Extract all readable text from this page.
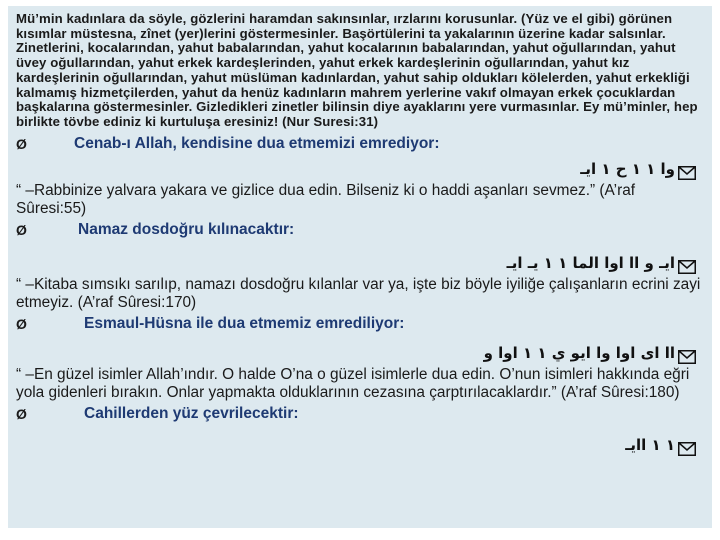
Mü’min kadınlara da söyle, gözlerini haramdan sakınsınlar, ırzlarını korusunlar. (Yüz ve el gibi) görünen kısımlar müstesna, zînet (yer)lerini göstermesinler. Başörtülerini ta yakalarının üzerine kadar salsınlar. Zinetlerini, kocalarından, yahut babalarından, yahut kocalarının babalarından, yahut oğullarından, yahut üvey oğullarından, yahut erkek kardeşlerinden, yahut erkek kardeşlerinin oğullarından, yahut kız kardeşlerinin oğullarından, yahut müslüman kadınlardan, yahut sahip oldukları kölelerden, yahut erkekliği kalmamış hizmetçilerden, yahut da henüz kadınların mahrem yerlerine vakıf olmayan erkek çocuklardan başkalarına göstermesinler. Gizledikleri zinetler bilinsin diye ayaklarını yere vurmasınlar. Ey mü’minler, hep birlikte tövbe ediniz ki kurtuluşa eresiniz! (Nur Suresi:31)

Ø	Cenab-ı Allah, kendisine dua etmemizi emrediyor:
وا ١ ١ ح ١ ايـ

“ –Rabbinize yalvara yakara ve gizlice dua edin. Bilseniz ki o haddi aşanları sevmez.” (A’raf Sûresi:55)

Ø	Namaz dosdoğru kılınacaktır:
ايـ و اا اوا الما ١ ١ يـ ايـ

“ –Kitaba sımsıkı sarılıp, namazı dosdoğru kılanlar var ya, işte biz böyle iyiliğe çalışanların ecrini zayi etmeyiz. (A’raf Sûresi:170)

Ø	Esmaul-Hüsna ile dua etmemiz emrediliyor:
اا اى اوا وا ايو ي ١ ١ اوا و

“ –En güzel isimler Allah’ındır. O halde O’na o güzel isimlerle dua edin. O’nun isimleri hakkında eğri yola gidenleri bırakın. Onlar yapmakta olduklarının cezasına çarptırılacaklardır.” (A’raf Sûresi:180)

Ø	Cahillerden yüz çevrilecektir:
١ ١ اايـ
